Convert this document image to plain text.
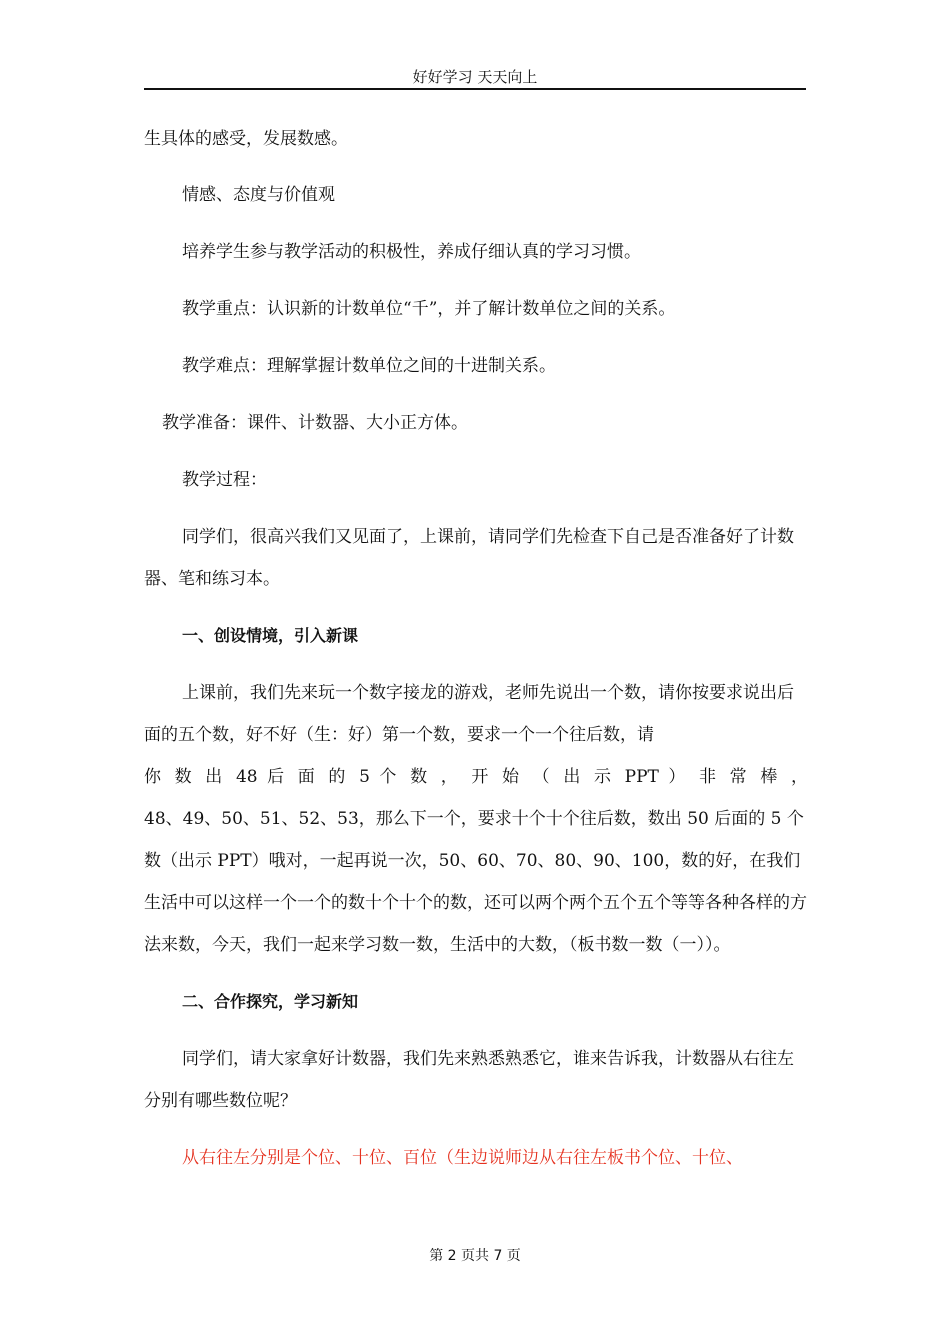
好好学习 天天向上

生具体的感受，发展数感。

情感、态度与价值观

培养学生参与教学活动的积极性，养成仔细认真的学习习惯。

教学重点：认识新的计数单位“千”，并了解计数单位之间的关系。

教学难点：理解掌握计数单位之间的十进制关系。

教学准备：课件、计数器、大小正方体。

教学过程：

同学们，很高兴我们又见面了，上课前，请同学们先检查下自己是否准备好了计数器、笔和练习本。

一、创设情境，引入新课

上课前，我们先来玩一个数字接龙的游戏，老师先说出一个数，请你按要求说出后面的五个数，好不好（生：好）第一个数，要求一个一个往后数，请

你 数 出 48 后 面 的 5 个 数 ， 开 始 （ 出 示 PPT ） 非 常 棒 ，

48、49、50、51、52、53，那么下一个，要求十个十个往后数，数出 50 后面的 5 个数（出示 PPT）哦对，一起再说一次，50、60、70、80、90、100，数的好，在我们生活中可以这样一个一个的数十个十个的数，还可以两个两个五个五个等等各种各样的方法来数，今天，我们一起来学习数一数，生活中的大数，（板书数一数（一））。

二、合作探究，学习新知

同学们，请大家拿好计数器，我们先来熟悉熟悉它，谁来告诉我，计数器从右往左分别有哪些数位呢？

从右往左分别是个位、十位、百位（生边说师边从右往左板书个位、十位、

第 2 页共 7 页
